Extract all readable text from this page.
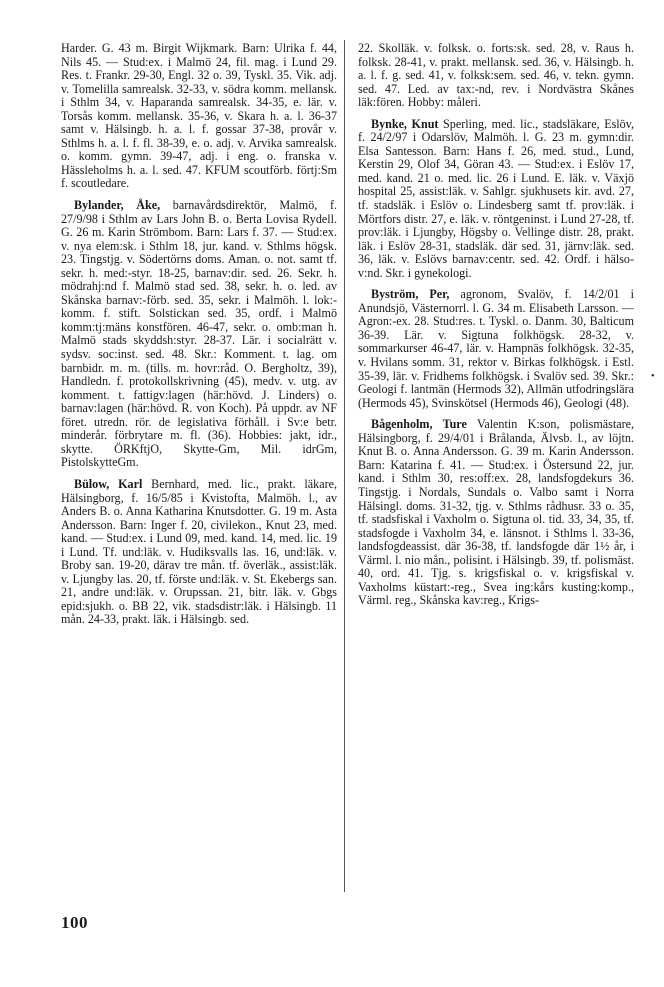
Harder. G. 43 m. Birgit Wijkmark. Barn: Ulrika f. 44, Nils 45. — Stud:ex. i Malmö 24, fil. mag. i Lund 29. Res. t. Frankr. 29-30, Engl. 32 o. 39, Tyskl. 35. Vik. adj. v. Tomelilla samrealsk. 32-33, v. södra komm. mellansk. i Sthlm 34, v. Haparanda samrealsk. 34-35, e. lär. v. Torsås komm. mellansk. 35-36, v. Skara h. a. l. 36-37 samt v. Hälsingb. h. a. l. f. gossar 37-38, provår v. Sthlms h. a. l. f. fl. 38-39, e. o. adj. v. Arvika samrealsk. o. komm. gymn. 39-47, adj. i eng. o. franska v. Hässleholms h. a. l. sed. 47. KFUM scoutförb. förtj:Sm f. scoutledare.

Bylander, Åke, barnavårdsdirektör, Malmö, f. 27/9/98 i Sthlm av Lars John B. o. Berta Lovisa Rydell. G. 26 m. Karin Strömbom. Barn: Lars f. 37. — Stud:ex. v. nya elem:sk. i Sthlm 18, jur. kand. v. Sthlms högsk. 23. Tingstjg. v. Södertörns doms. Aman. o. not. samt tf. sekr. h. med:-styr. 18-25, barnav:dir. sed. 26. Sekr. h. mödrahj:nd f. Malmö stad sed. 38, sekr. h. o. led. av Skånska barnav:-förb. sed. 35, sekr. i Malmöh. l. lok:-komm. f. stift. Solstickan sed. 35, ordf. i Malmö komm:tj:mäns konstfören. 46-47, sekr. o. omb:man h. Malmö stads skyddsh:styr. 28-37. Lär. i socialrätt v. sydsv. soc:inst. sed. 48. Skr.: Komment. t. lag. om barnbidr. m. m. (tills. m. hovr:råd. O. Bergholtz, 39), Handledn. f. protokollskrivning (45), medv. v. utg. av komment. t. fattigv:lagen (här:hövd. J. Linders) o. barnav:lagen (här:hövd. R. von Koch). På uppdr. av NF föret. utredn. rör. de legislativa förhåll. i Sv:e betr. minderår. förbrytare m. fl. (36). Hobbies: jakt, idr., skytte. ÖRKftjO, Skytte-Gm, Mil. idrGm, PistolskytteGm.

Bülow, Karl Bernhard, med. lic., prakt. läkare, Hälsingborg, f. 16/5/85 i Kvistofta, Malmöh. l., av Anders B. o. Anna Katharina Knutsdotter. G. 19 m. Asta Andersson. Barn: Inger f. 20, civilekon., Knut 23, med. kand. — Stud:ex. i Lund 09, med. kand. 14, med. lic. 19 i Lund. Tf. und:läk. v. Hudiksvalls las. 16, und:läk. v. Broby san. 19-20, därav tre mån. tf. överläk., assist:läk. v. Ljungby las. 20, tf. förste und:läk. v. St. Ekebergs san. 21, andre und:läk. v. Orupssan. 21, bitr. läk. v. Gbgs epid:sjukh. o. BB 22, vik. stadsdistr:läk. i Hälsingb. 11 mån. 24-33, prakt. läk. i Hälsingb. sed.

22. Skolläk. v. folksk. o. forts:sk. sed. 28, v. Raus h. folksk. 28-41, v. prakt. mellansk. sed. 36, v. Hälsingb. h. a. l. f. g. sed. 41, v. folksk:sem. sed. 46, v. tekn. gymn. sed. 47. Led. av tax:-nd, rev. i Nordvästra Skånes läk:fören. Hobby: måleri.

Bynke, Knut Sperling, med. lic., stadsläkare, Eslöv, f. 24/2/97 i Odarslöv, Malmöh. l. G. 23 m. gymn:dir. Elsa Santesson. Barn: Hans f. 26, med. stud., Lund, Kerstin 29, Olof 34, Göran 43. — Stud:ex. i Eslöv 17, med. kand. 21 o. med. lic. 26 i Lund. E. läk. v. Växjö hospital 25, assist:läk. v. Sahlgr. sjukhusets kir. avd. 27, tf. stadsläk. i Eslöv o. Lindesberg samt tf. prov:läk. i Mörtfors distr. 27, e. läk. v. röntgeninst. i Lund 27-28, tf. prov:läk. i Ljungby, Högsby o. Vellinge distr. 28, prakt. läk. i Eslöv 28-31, stadsläk. där sed. 31, järnv:läk. sed. 36, läk. v. Eslövs barnav:centr. sed. 42. Ordf. i hälso-v:nd. Skr. i gynekologi.

Byström, Per, agronom, Svalöv, f. 14/2/01 i Anundsjö, Västernorrl. l. G. 34 m. Elisabeth Larsson. — Agron:-ex. 28. Stud:res. t. Tyskl. o. Danm. 30, Balticum 36-39. Lär. v. Sigtuna folkhögsk. 28-32, v. sommarkurser 46-47, lär. v. Hampnäs folkhögsk. 32-35, v. Hvilans somm. 31, rektor v. Birkas folkhögsk. i Estl. 35-39, lär. v. Fridhems folkhögsk. i Svalöv sed. 39. Skr.: Geologi f. lantmän (Hermods 32), Allmän utfodringslära (Hermods 45), Svinskötsel (Hermods 46), Geologi (48).

Bågenholm, Ture Valentin K:son, polismästare, Hälsingborg, f. 29/4/01 i Brålanda, Älvsb. l., av löjtn. Knut B. o. Anna Andersson. G. 39 m. Karin Andersson. Barn: Katarina f. 41. — Stud:ex. i Östersund 22, jur. kand. i Sthlm 30, res:off:ex. 28, landsfogdekurs 36. Tingstjg. i Nordals, Sundals o. Valbo samt i Norra Hälsingl. doms. 31-32, tjg. v. Sthlms rådhusr. 33 o. 35, tf. stadsfiskal i Vaxholm o. Sigtuna ol. tid. 33, 34, 35, tf. stadsfogde i Vaxholm 34, e. länsnot. i Sthlms l. 33-36, landsfogdeassist. där 36-38, tf. landsfogde där 1½ år, i Värml. l. nio mån., polisint. i Hälsingb. 39, tf. polismäst. 40, ord. 41. Tjg. s. krigsfiskal o. v. krigsfiskal v. Vaxholms küstart:-reg., Svea ing:kårs kusting:komp., Värml. reg., Skånska kav:reg., Krigs-

100
•
